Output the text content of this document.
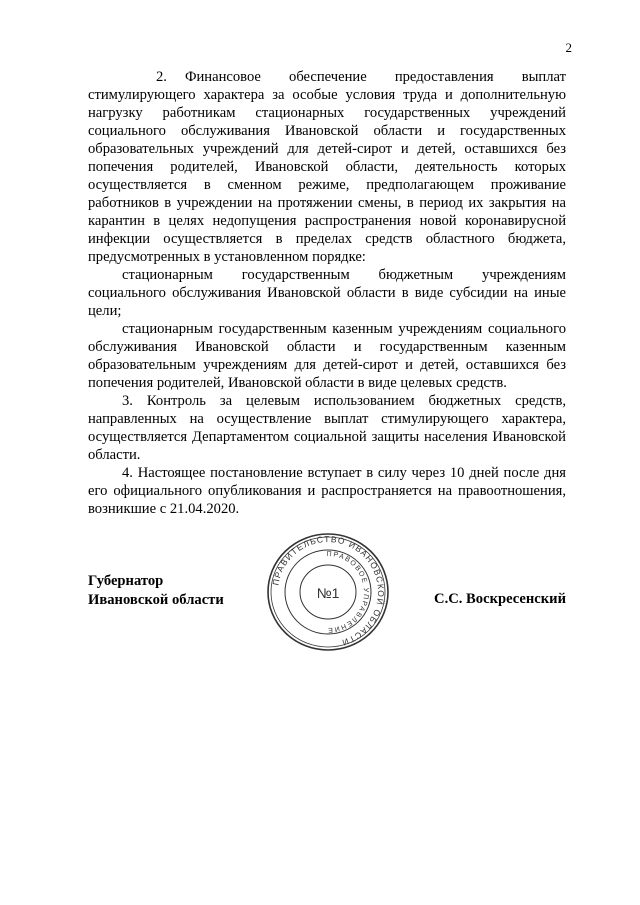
2

2. Финансовое обеспечение предоставления выплат стимулирующего характера за особые условия труда и дополнительную нагрузку работникам стационарных государственных учреждений социального обслуживания Ивановской области и государственных образовательных учреждений для детей-сирот и детей, оставшихся без попечения родителей, Ивановской области, деятельность которых осуществляется в сменном режиме, предполагающем проживание работников в учреждении на протяжении смены, в период их закрытия на карантин в целях недопущения распространения новой коронавирусной инфекции осуществляется в пределах средств областного бюджета, предусмотренных в установленном порядке:

стационарным государственным бюджетным учреждениям социального обслуживания Ивановской области в виде субсидии на иные цели;

стационарным государственным казенным учреждениям социального обслуживания Ивановской области и государственным казенным образовательным учреждениям для детей-сирот и детей, оставшихся без попечения родителей, Ивановской области в виде целевых средств.

3. Контроль за целевым использованием бюджетных средств, направленных на осуществление выплат стимулирующего характера, осуществляется Департаментом социальной защиты населения Ивановской области.

4. Настоящее постановление вступает в силу через 10 дней после дня его официального опубликования и распространяется на правоотношения, возникшие с 21.04.2020.

Губернатор
Ивановской области	С.С. Воскресенский
ПРАВИТЕЛЬСТВО ИВАНОВСКОЙ ОБЛАСТИ
ПРАВОВОЕ УПРАВЛЕНИЕ
№1
